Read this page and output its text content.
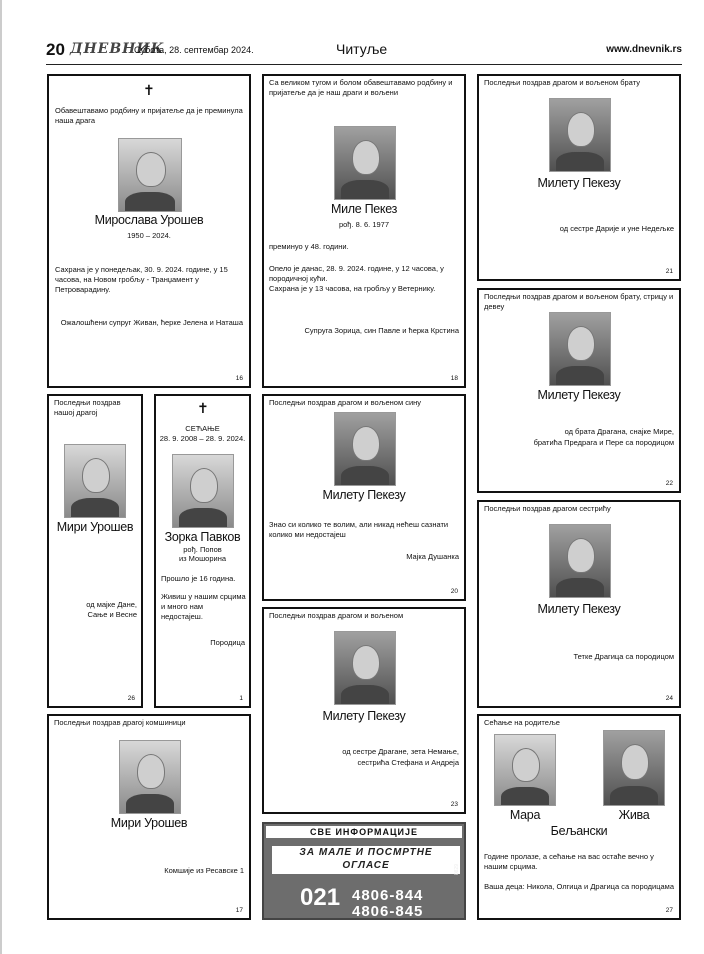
20 ДНЕВНИК
Субота, 28. септембар 2024.	Читуље	www.dnevnik.rs
✝
Обавештавамо родбину и пријатеље да је преминула наша драга
Мирослава Урошев
1950 – 2024.
Сахрана је у понедељак, 30. 9. 2024. године, у 15 часова, на Новом гробљу - Транџамент у Петроварадину.
Ожалошћени супруг Живан, ћерке Јелена и Наташа
16
Са великом тугом и болом обавештавамо родбину и пријатеље да је наш драги и вољени
Миле Пекез
рођ. 8. 6. 1977
преминуо у 48. години.
Опело је данас, 28. 9. 2024. године, у 12 часова, у породичној кући.
Сахрана је у 13 часова, на гробљу у Ветернику.
Супруга Зорица, син Павле и ћерка Крстина
18
Последњи поздрав драгом и вољеном брату
Милету Пекезу
од сестре Дарије и уне Недељке
21
Последњи поздрав драгом и вољеном брату, стрицу и девеу
Милету Пекезу
од брата Драгана, снајке Мире,
братића Предрага и Пере са породицом
22
Последњи поздрав нашој драгој
Мири Урошев
од мајке Дане,
Сање и Весне
26
✝
СЕЋАЊЕ
28. 9. 2008 – 28. 9. 2024.
Зорка Павков
рођ. Попов
из Мошорина
Прошло је 16 година.
Живиш у нашим срцима и много нам недостајеш.
Породица
1
Последњи поздрав драгом и вољеном сину
Милету Пекезу
Знао си колико те волим, али никад нећеш сазнати колико ми недостајеш
Мајка Душанка
20
Последњи поздрав драгом сестрићу
Милету Пекезу
Тетке Драгица са породицом
24
Последњи поздрав драгом и вољеном
Милету Пекезу
од сестре Драгане, зета Немање,
сестрића Стефана и Андреја
23
Последњи поздрав драгој комшиници
Мири Урошев
Комшије из Ресавске 1
17
Сећање на родитеље
Мара	Жива
Бељански
Године пролазе, а сећање на вас остаће вечно у нашим срцима.
Ваша деца: Никола, Олгица и Драгица са породицама
27
СВЕ ИНФОРМАЦИЈЕ
ЗА МАЛЕ И ПОСМРТНЕ
ОГЛАСЕ
021 4806-844
4806-845
0829
